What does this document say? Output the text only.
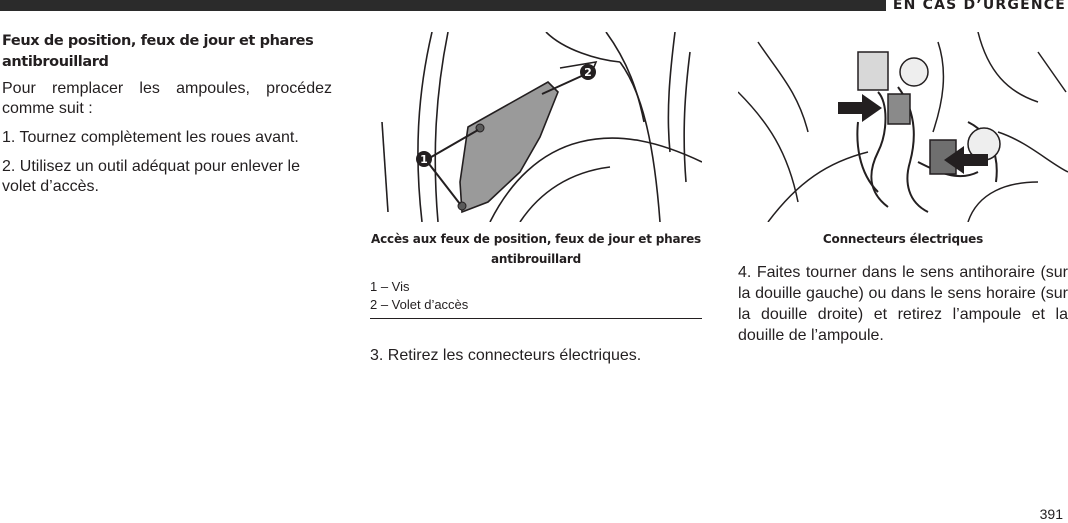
EN CAS D’URGENCE
Feux de position, feux de jour et phares antibrouillard

Pour remplacer les ampoules, procédez comme suit :

1. Tournez complètement les roues avant.

2. Utilisez un outil adéquat pour enlever le volet d’accès.

1
2
Accès aux feux de position, feux de jour et phares antibrouillard
1 – Vis
2 – Volet d’accès
3. Retirez les connecteurs électriques.
Connecteurs électriques
4. Faites tourner dans le sens antihoraire (sur la douille gauche) ou dans le sens horaire (sur la douille droite) et retirez l’ampoule et la douille de l’ampoule.
391
